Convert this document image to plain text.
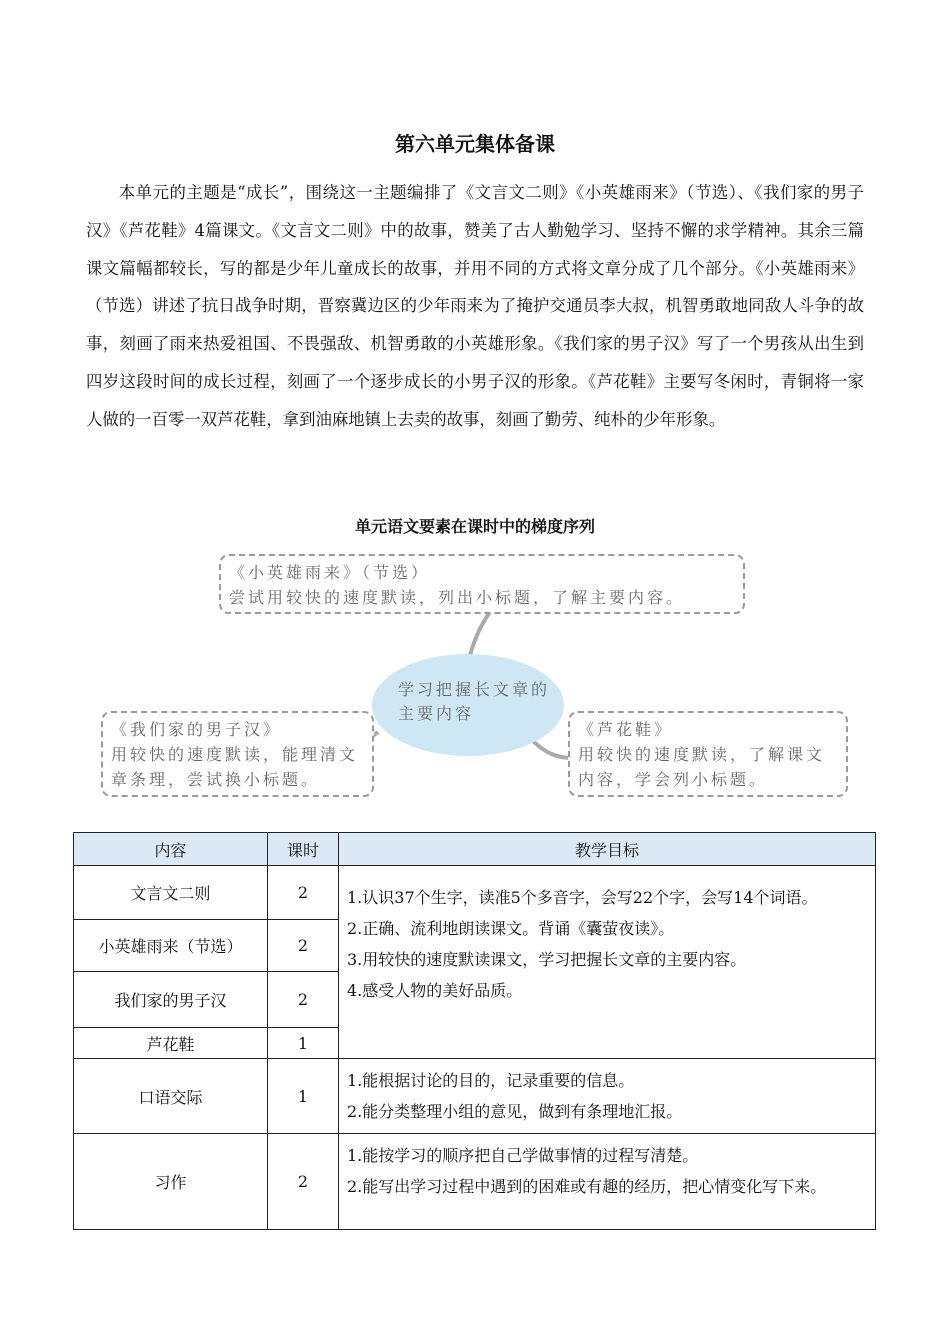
第六单元集体备课

本单元的主题是“成长”，围绕这一主题编排了《文言文二则》《小英雄雨来》（节选）、《我们家的男子汉》《芦花鞋》4篇课文。《文言文二则》中的故事，赞美了古人勤勉学习、坚持不懈的求学精神。其余三篇课文篇幅都较长，写的都是少年儿童成长的故事，并用不同的方式将文章分成了几个部分。《小英雄雨来》（节选）讲述了抗日战争时期，晋察冀边区的少年雨来为了掩护交通员李大叔，机智勇敢地同敌人斗争的故事，刻画了雨来热爱祖国、不畏强敌、机智勇敢的小英雄形象。《我们家的男子汉》写了一个男孩从出生到四岁这段时间的成长过程，刻画了一个逐步成长的小男子汉的形象。《芦花鞋》主要写冬闲时，青铜将一家人做的一百零一双芦花鞋，拿到油麻地镇上去卖的故事，刻画了勤劳、纯朴的少年形象。

单元语文要素在课时中的梯度序列
《小英雄雨来》（节选）
尝试用较快的速度默读，列出小标题，了解主要内容。
学习把握长文章的主要内容
《我们家的男子汉》
用较快的速度默读，能理清文章条理，尝试换小标题。
《芦花鞋》
用较快的速度默读，了解课文内容，学会列小标题。
内容	课时	教学目标
文言文二则	2	1.认识37个生字，读准5个多音字，会写22个字，会写14个词语。
2.正确、流利地朗读课文。背诵《囊萤夜读》。
3.用较快的速度默读课文，学习把握长文章的主要内容。
4.感受人物的美好品质。

小英雄雨来（节选）	2	
我们家的男子汉	2	
芦花鞋	1	
口语交际	1	1.能根据讨论的目的，记录重要的信息。
2.能分类整理小组的意见，做到有条理地汇报。

习作	2	1.能按学习的顺序把自己学做事情的过程写清楚。
2.能写出学习过程中遇到的困难或有趣的经历，把心情变化写下来。
